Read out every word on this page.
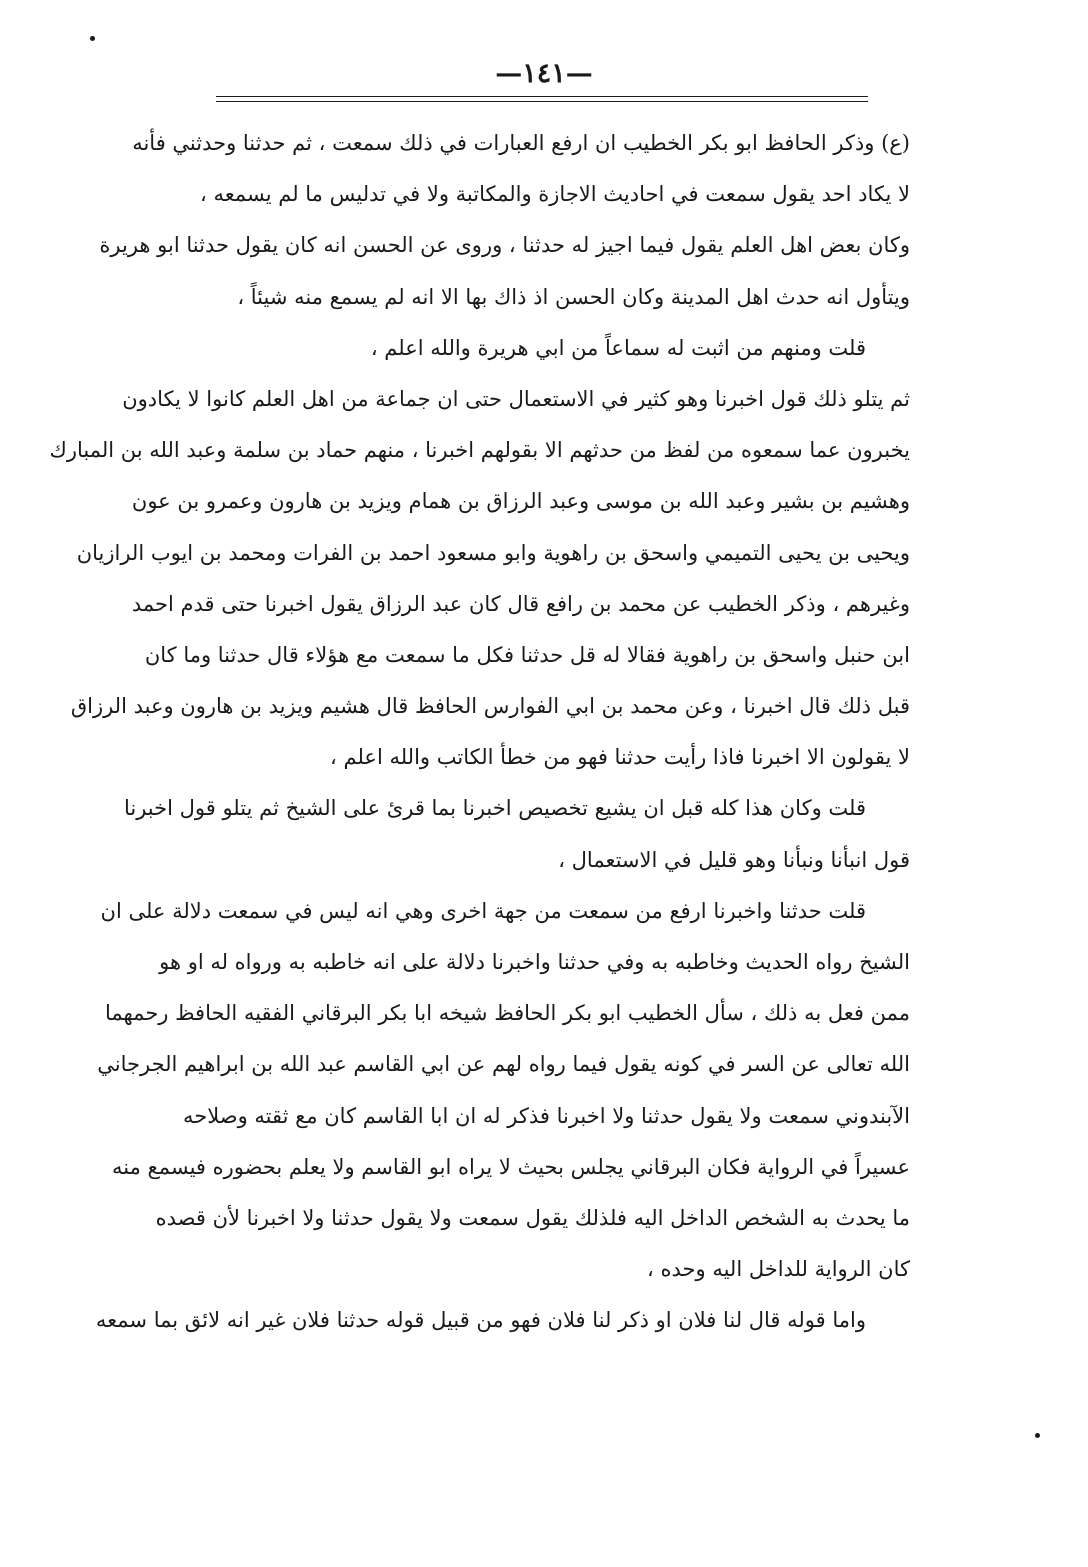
—١٤١—
(ع) وذكر الحافظ ابو بكر الخطيب ان ارفع العبارات في ذلك سمعت ، ثم حدثنا وحدثني فأنه
لا يكاد احد يقول سمعت في احاديث الاجازة والمكاتبة ولا في تدليس ما لم يسمعه ،
وكان بعض اهل العلم يقول فيما اجيز له حدثنا ، وروى عن الحسن انه كان يقول حدثنا ابو هريرة
ويتأول انه حدث اهل المدينة وكان الحسن اذ ذاك بها الا انه لم يسمع منه شيئاً ،
قلت ومنهم من اثبت له سماعاً من ابي هريرة والله اعلم ،
ثم يتلو ذلك قول اخبرنا وهو كثير في الاستعمال حتى ان جماعة من اهل العلم كانوا لا يكادون
يخبرون عما سمعوه من لفظ من حدثهم الا بقولهم اخبرنا ، منهم حماد بن سلمة وعبد الله بن المبارك
وهشيم بن بشير وعبد الله بن موسى وعبد الرزاق بن همام ويزيد بن هارون وعمرو بن عون
ويحيى بن يحيى التميمي واسحق بن راهوية وابو مسعود احمد بن الفرات ومحمد بن ايوب الرازيان
وغيرهم ، وذكر الخطيب عن محمد بن رافع قال كان عبد الرزاق يقول اخبرنا حتى قدم احمد
ابن حنبل واسحق بن راهوية فقالا له قل حدثنا فكل ما سمعت مع هؤلاء قال حدثنا وما كان
قبل ذلك قال اخبرنا ، وعن محمد بن ابي الفوارس الحافظ قال هشيم ويزيد بن هارون وعبد الرزاق
لا يقولون الا اخبرنا فاذا رأيت حدثنا فهو من خطأ الكاتب والله اعلم ،
قلت وكان هذا كله قبل ان يشيع تخصيص اخبرنا بما قرئ على الشيخ ثم يتلو قول اخبرنا
قول انبأنا ونبأنا وهو قليل في الاستعمال ،
قلت حدثنا واخبرنا ارفع من سمعت من جهة اخرى وهي انه ليس في سمعت دلالة على ان
الشيخ رواه الحديث وخاطبه به وفي حدثنا واخبرنا دلالة على انه خاطبه به ورواه له او هو
ممن فعل به ذلك ، سأل الخطيب ابو بكر الحافظ شيخه ابا بكر البرقاني الفقيه الحافظ رحمهما
الله تعالى عن السر في كونه يقول فيما رواه لهم عن ابي القاسم عبد الله بن ابراهيم الجرجاني
الآبندوني سمعت ولا يقول حدثنا ولا اخبرنا فذكر له ان ابا القاسم كان مع ثقته وصلاحه
عسيراً في الرواية فكان البرقاني يجلس بحيث لا يراه ابو القاسم ولا يعلم بحضوره فيسمع منه
ما يحدث به الشخص الداخل اليه فلذلك يقول سمعت ولا يقول حدثنا ولا اخبرنا لأن قصده
كان الرواية للداخل اليه وحده ،
واما قوله قال لنا فلان او ذكر لنا فلان فهو من قبيل قوله حدثنا فلان غير انه لائق بما سمعه
